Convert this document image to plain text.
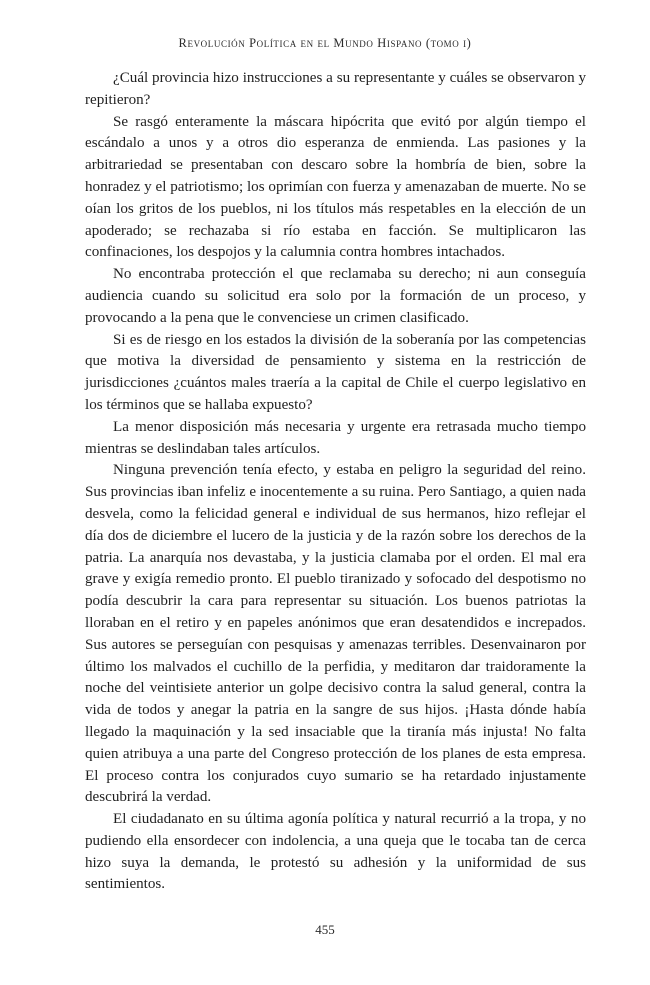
Revolución Política en el Mundo Hispano (tomo i)

¿Cuál provincia hizo instrucciones a su representante y cuáles se observaron y repitieron?

Se rasgó enteramente la máscara hipócrita que evitó por algún tiempo el escándalo a unos y a otros dio esperanza de enmienda. Las pasiones y la arbitrariedad se presentaban con descaro sobre la hombría de bien, sobre la honradez y el patriotismo; los oprimían con fuerza y amenazaban de muerte. No se oían los gritos de los pueblos, ni los títulos más respetables en la elección de un apoderado; se rechazaba si río estaba en facción. Se multiplicaron las confinaciones, los despojos y la calumnia contra hombres intachados.

No encontraba protección el que reclamaba su derecho; ni aun conseguía audiencia cuando su solicitud era solo por la formación de un proceso, y provocando a la pena que le convenciese un crimen clasificado.

Si es de riesgo en los estados la división de la soberanía por las competencias que motiva la diversidad de pensamiento y sistema en la restricción de jurisdicciones ¿cuántos males traería a la capital de Chile el cuerpo legislativo en los términos que se hallaba expuesto?

La menor disposición más necesaria y urgente era retrasada mucho tiempo mientras se deslindaban tales artículos.

Ninguna prevención tenía efecto, y estaba en peligro la seguridad del reino. Sus provincias iban infeliz e inocentemente a su ruina. Pero Santiago, a quien nada desvela, como la felicidad general e individual de sus hermanos, hizo reflejar el día dos de diciembre el lucero de la justicia y de la razón sobre los derechos de la patria. La anarquía nos devastaba, y la justicia clamaba por el orden. El mal era grave y exigía remedio pronto. El pueblo tiranizado y sofocado del despotismo no podía descubrir la cara para representar su situación. Los buenos patriotas la lloraban en el retiro y en papeles anónimos que eran desatendidos e increpados. Sus autores se perseguían con pesquisas y amenazas terribles. Desenvainaron por último los malvados el cuchillo de la perfidia, y meditaron dar traidoramente la noche del veintisiete anterior un golpe decisivo contra la salud general, contra la vida de todos y anegar la patria en la sangre de sus hijos. ¡Hasta dónde había llegado la maquinación y la sed insaciable que la tiranía más injusta! No falta quien atribuya a una parte del Congreso protección de los planes de esta empresa. El proceso contra los conjurados cuyo sumario se ha retardado injustamente descubrirá la verdad.

El ciudadanato en su última agonía política y natural recurrió a la tropa, y no pudiendo ella ensordecer con indolencia, a una queja que le tocaba tan de cerca hizo suya la demanda, le protestó su adhesión y la uniformidad de sus sentimientos.

455
